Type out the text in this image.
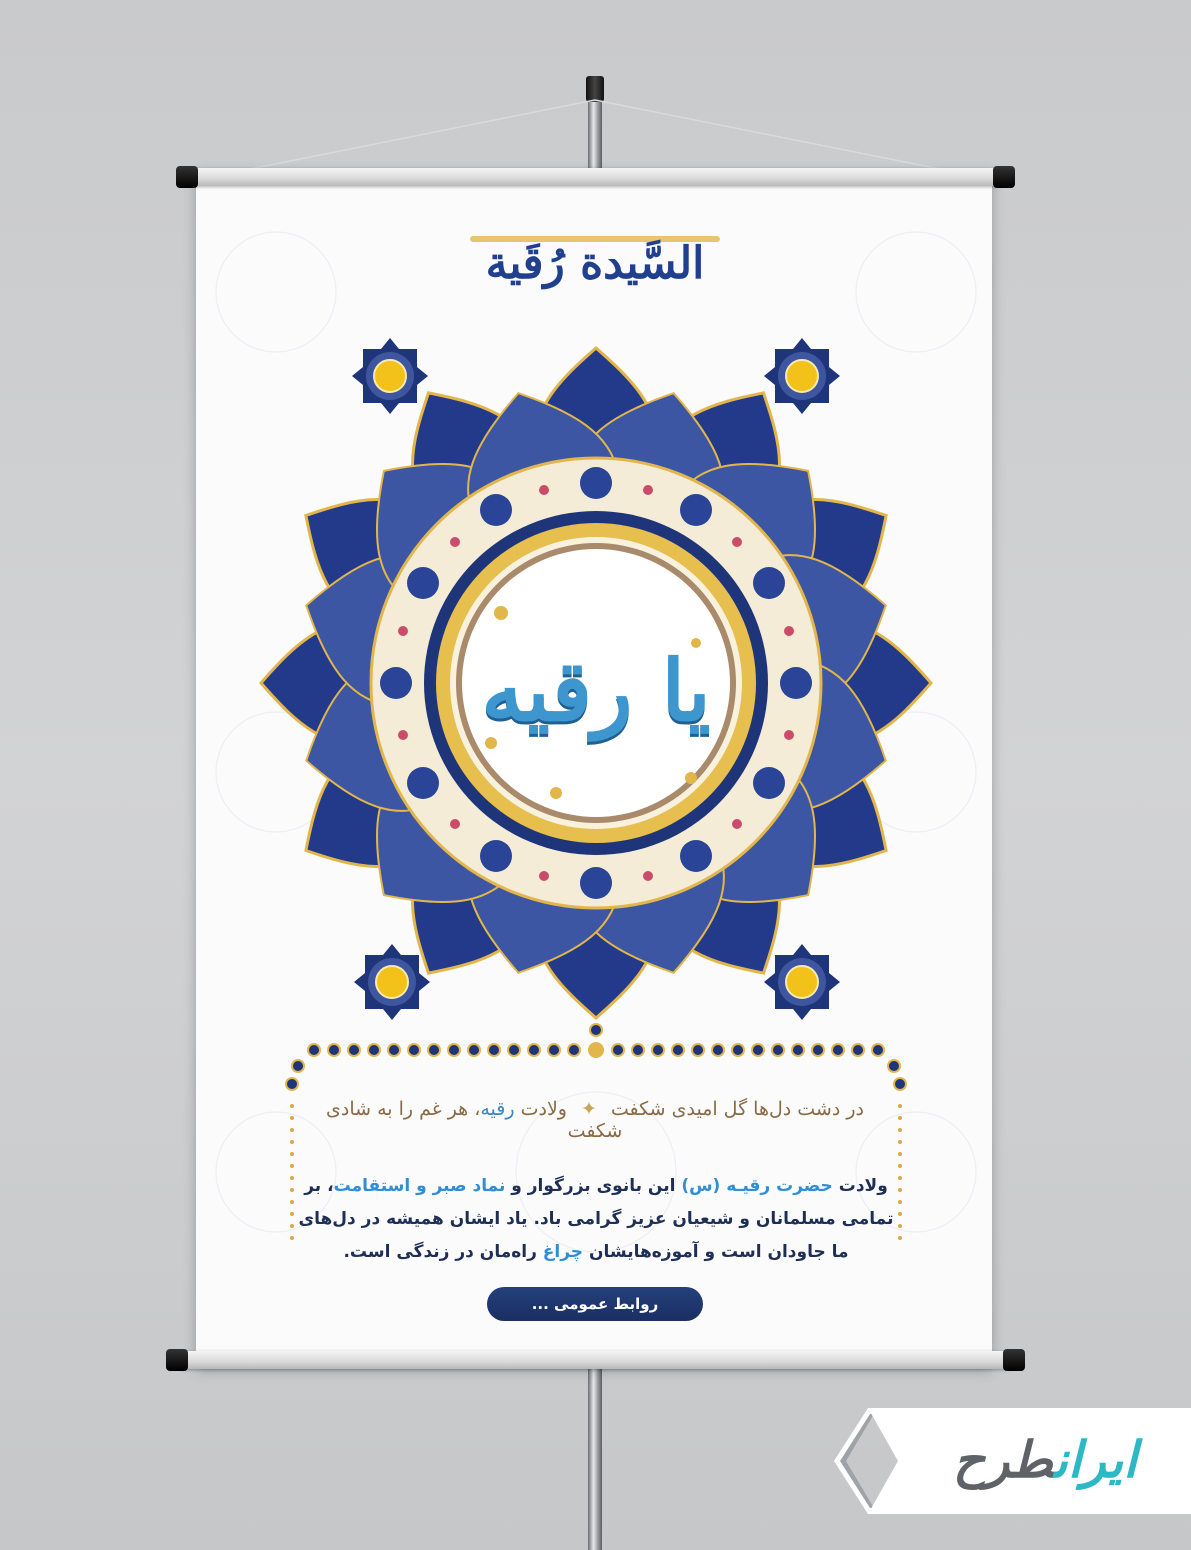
السَّیدة رُقَیة
یا رقیه
در دشت دل‌ها گل امیدی شکفت✦ولادت رقیه، هر غم را به شادی شکفت
ولادت حضرت رقیـه (س) این بانوی بزرگوار و نماد صبر و استقامت، بر تمامی مسلمانان و شیعیان عزیز گرامی باد. یاد ایشان همیشه در دل‌های ما جاودان است و آموزه‌هایشان چراغ راه‌مان در زندگی است.
روابط عمومی ...
ایرانطرح
